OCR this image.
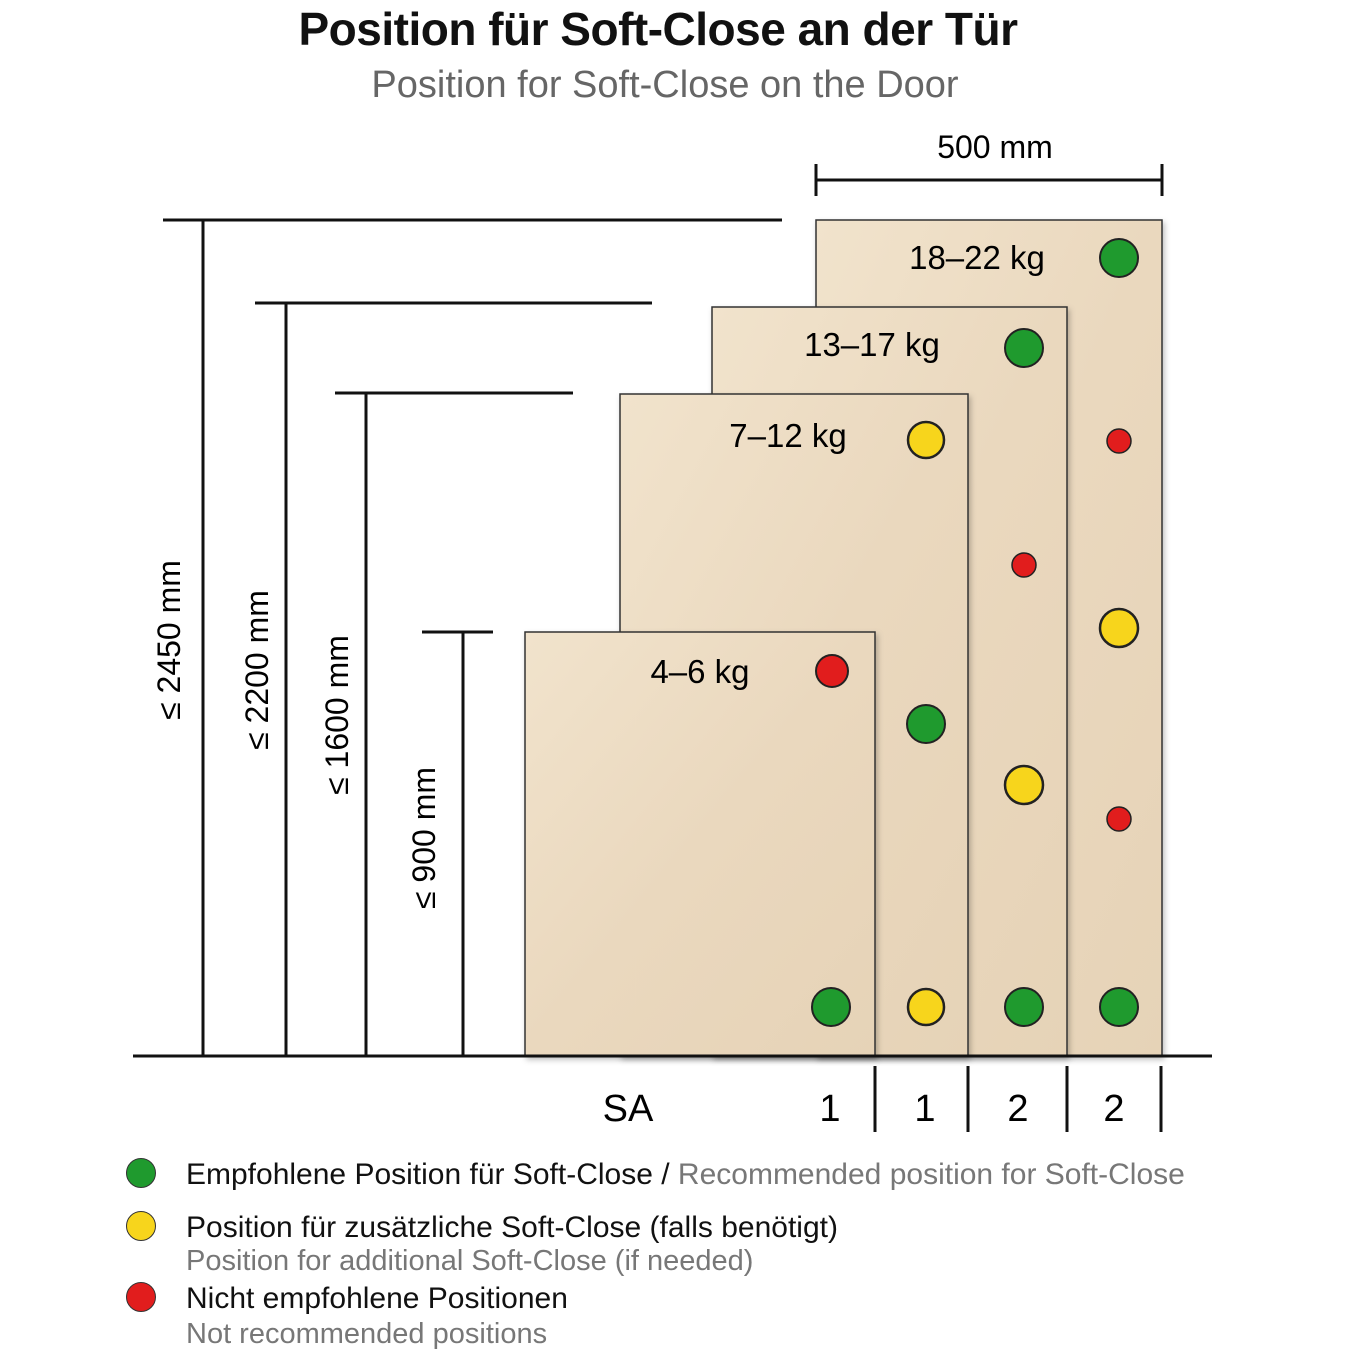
Position für Soft-Close an der Tür
Position for Soft-Close on the Door
500 mm
≤ 2450 mm ≤ 2200 mm ≤ 1600 mm
≤ 900 mm
18–22 kg
13–17 kg
7–12 kg
4–6 kg
SA	1 1 2 2
Empfohlene Position für Soft-Close / Recommended position for Soft-Close
Position für zusätzliche Soft-Close (falls benötigt)
Position for additional Soft-Close (if needed)
Nicht empfohlene Positionen
Not recommended positions
